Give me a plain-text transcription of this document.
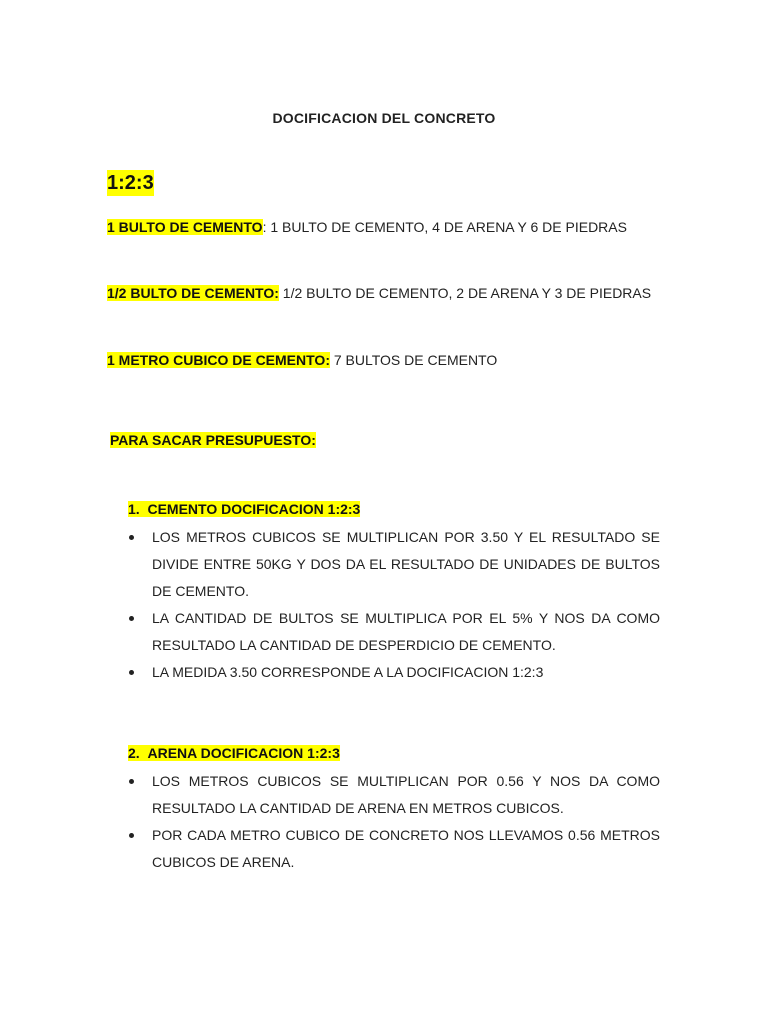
DOCIFICACION DEL CONCRETO
1:2:3
1 BULTO DE CEMENTO: 1 BULTO DE CEMENTO, 4 DE ARENA Y 6 DE PIEDRAS
1/2 BULTO DE CEMENTO: 1/2 BULTO DE CEMENTO, 2 DE ARENA Y 3 DE PIEDRAS
1 METRO CUBICO DE CEMENTO: 7 BULTOS DE CEMENTO
PARA SACAR PRESUPUESTO:
1. CEMENTO DOCIFICACION 1:2:3
LOS METROS CUBICOS SE MULTIPLICAN POR 3.50 Y EL RESULTADO SE DIVIDE ENTRE 50KG Y DOS DA EL RESULTADO DE UNIDADES DE BULTOS DE CEMENTO.
LA CANTIDAD DE BULTOS SE MULTIPLICA POR EL 5% Y NOS DA COMO RESULTADO LA CANTIDAD DE DESPERDICIO DE CEMENTO.
LA MEDIDA 3.50 CORRESPONDE A LA DOCIFICACION 1:2:3
2. ARENA DOCIFICACION 1:2:3
LOS METROS CUBICOS SE MULTIPLICAN POR 0.56 Y NOS DA COMO RESULTADO LA CANTIDAD DE ARENA EN METROS CUBICOS.
POR CADA METRO CUBICO DE CONCRETO NOS LLEVAMOS 0.56 METROS CUBICOS DE ARENA.
